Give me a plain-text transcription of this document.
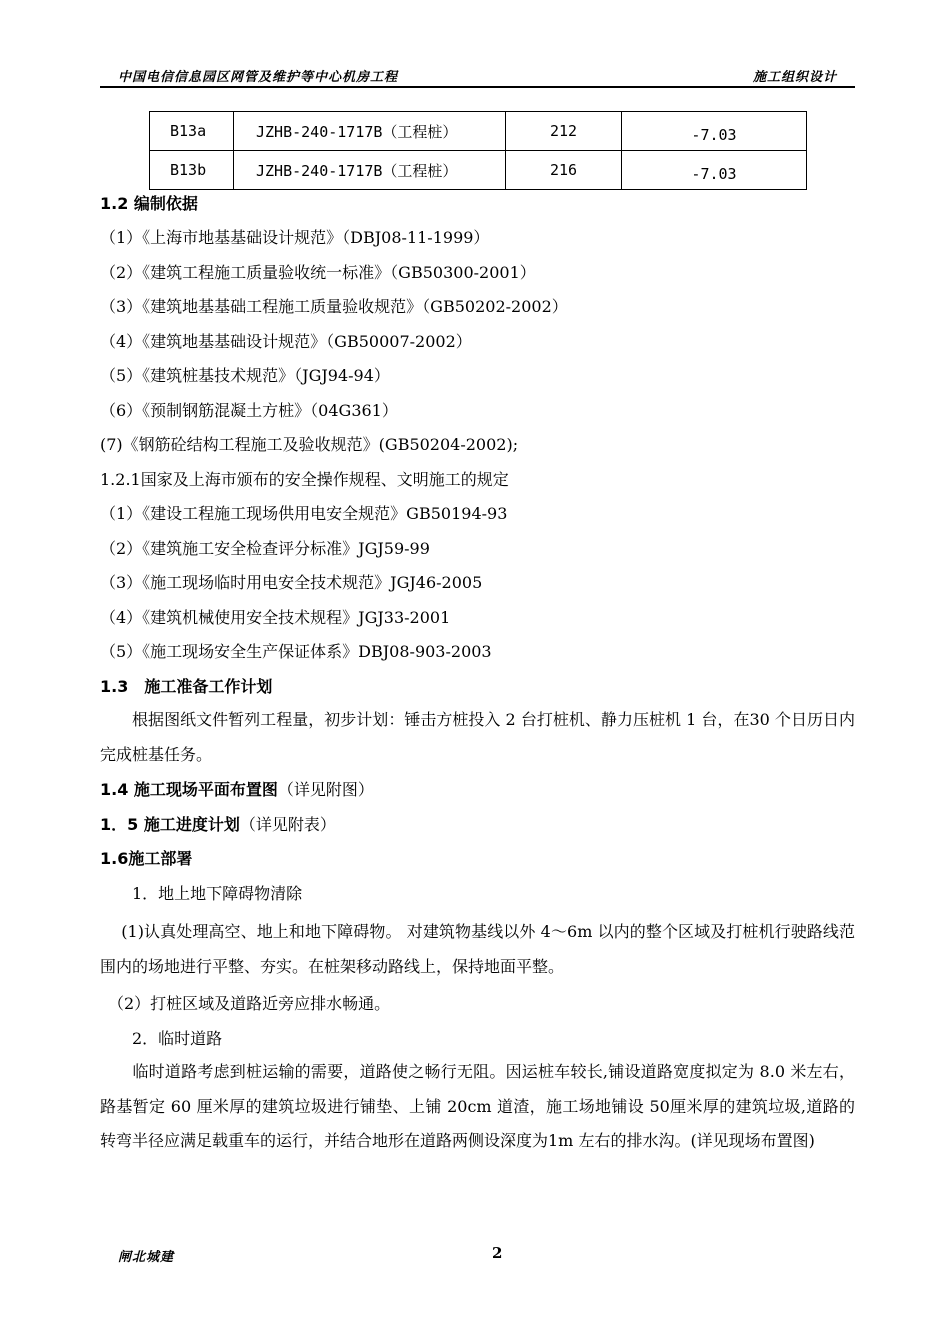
中国电信信息园区网管及维护等中心机房工程	施工组织设计
B13a	JZHB-240-1717B（工程桩）	212	-7.03
B13b	JZHB-240-1717B（工程桩）	216	-7.03
1.2 编制依据
（1）《上海市地基基础设计规范》（DBJ08-11-1999）
（2）《建筑工程施工质量验收统一标准》（GB50300-2001）
（3）《建筑地基基础工程施工质量验收规范》（GB50202-2002）
（4）《建筑地基基础设计规范》（GB50007-2002）
（5）《建筑桩基技术规范》（JGJ94-94）
（6）《预制钢筋混凝土方桩》（04G361）
(7)《钢筋砼结构工程施工及验收规范》(GB50204-2002);
1.2.1国家及上海市颁布的安全操作规程、文明施工的规定
（1）《建设工程施工现场供用电安全规范》GB50194-93
（2）《建筑施工安全检查评分标准》JGJ59-99
（3）《施工现场临时用电安全技术规范》JGJ46-2005
（4）《建筑机械使用安全技术规程》JGJ33-2001
（5）《施工现场安全生产保证体系》DBJ08-903-2003
1.3　施工准备工作计划
　　根据图纸文件暂列工程量，初步计划：锤击方桩投入 2 台打桩机、静力压桩机 1 台，在30 个日历日内完成桩基任务。
1.4 施工现场平面布置图（详见附图）
1．5 施工进度计划（详见附表）
1.6施工部署
　　1．地上地下障碍物清除
　 (1)认真处理高空、地上和地下障碍物。 对建筑物基线以外 4～6m 以内的整个区域及打桩机行驶路线范围内的场地进行平整、夯实。在桩架移动路线上，保持地面平整。
　（2）打桩区域及道路近旁应排水畅通。
　　2．临时道路
　　临时道路考虑到桩运输的需要，道路使之畅行无阻。因运桩车较长,铺设道路宽度拟定为 8.0 米左右，路基暂定 60 厘米厚的建筑垃圾进行铺垫、上铺 20cm 道渣，施工场地铺设 50厘米厚的建筑垃圾,道路的转弯半径应满足载重车的运行，并结合地形在道路两侧设深度为1m 左右的排水沟。(详见现场布置图)
闸北城建	2
